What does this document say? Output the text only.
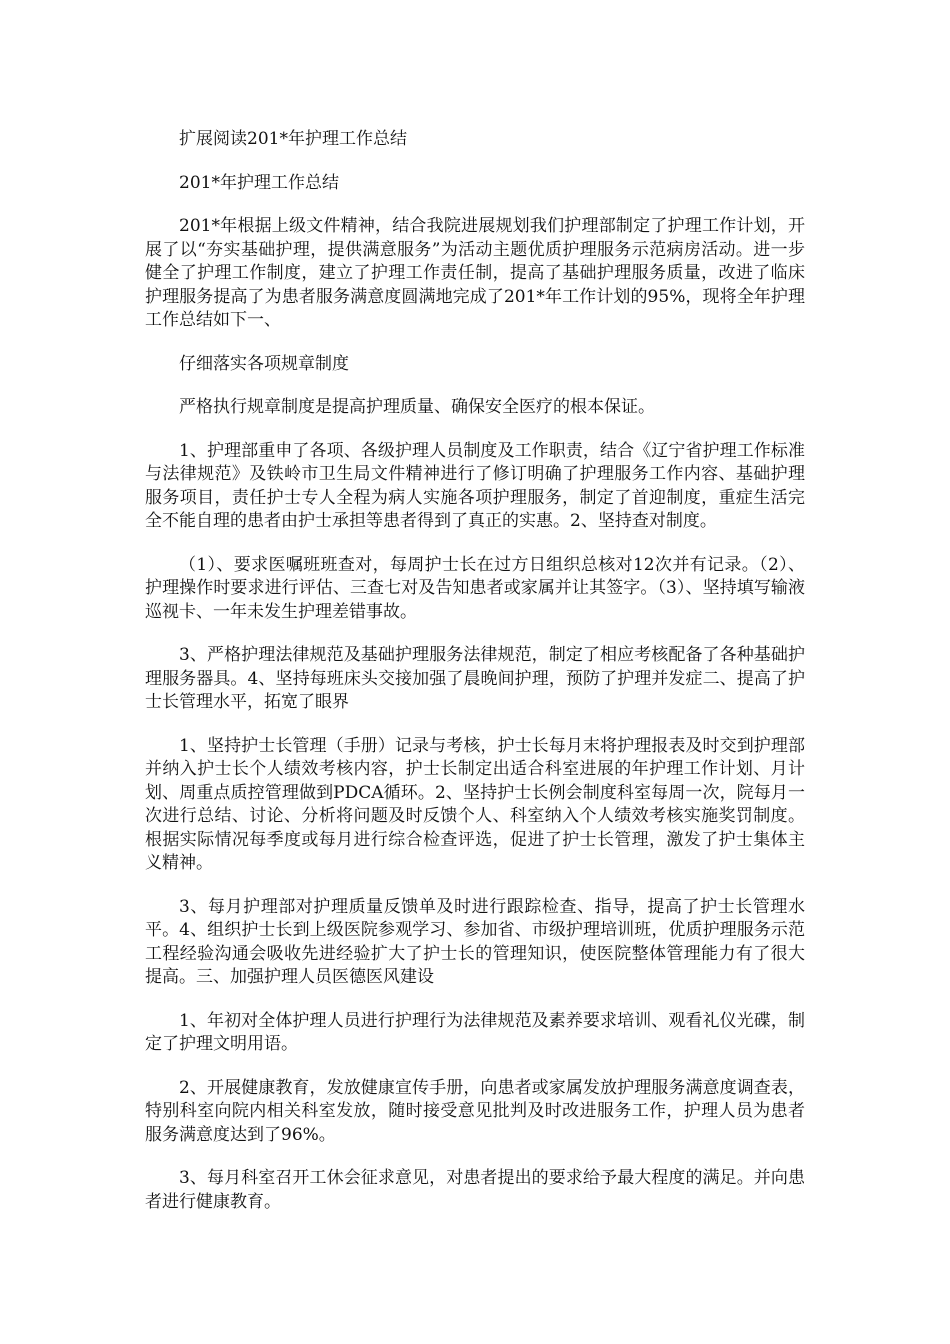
扩展阅读201*年护理工作总结

201*年护理工作总结

201*年根据上级文件精神，结合我院进展规划我们护理部制定了护理工作计划，开展了以“夯实基础护理，提供满意服务”为活动主题优质护理服务示范病房活动。进一步健全了护理工作制度，建立了护理工作责任制，提高了基础护理服务质量，改进了临床护理服务提高了为患者服务满意度圆满地完成了201*年工作计划的95%，现将全年护理工作总结如下一、

仔细落实各项规章制度

严格执行规章制度是提高护理质量、确保安全医疗的根本保证。

1、护理部重申了各项、各级护理人员制度及工作职责，结合《辽宁省护理工作标准与法律规范》及铁岭市卫生局文件精神进行了修订明确了护理服务工作内容、基础护理服务项目，责任护士专人全程为病人实施各项护理服务，制定了首迎制度，重症生活完全不能自理的患者由护士承担等患者得到了真正的实惠。2、坚持查对制度。

（1）、要求医嘱班班查对，每周护士长在过方日组织总核对12次并有记录。（2）、护理操作时要求进行评估、三查七对及告知患者或家属并让其签字。（3）、坚持填写输液巡视卡、一年未发生护理差错事故。

3、严格护理法律规范及基础护理服务法律规范，制定了相应考核配备了各种基础护理服务器具。4、坚持每班床头交接加强了晨晚间护理，预防了护理并发症二、提高了护士长管理水平，拓宽了眼界

1、坚持护士长管理（手册）记录与考核，护士长每月末将护理报表及时交到护理部并纳入护士长个人绩效考核内容，护士长制定出适合科室进展的年护理工作计划、月计划、周重点质控管理做到PDCA循环。2、坚持护士长例会制度科室每周一次，院每月一次进行总结、讨论、分析将问题及时反馈个人、科室纳入个人绩效考核实施奖罚制度。根据实际情况每季度或每月进行综合检查评选，促进了护士长管理，激发了护士集体主义精神。

3、每月护理部对护理质量反馈单及时进行跟踪检查、指导，提高了护士长管理水平。4、组织护士长到上级医院参观学习、参加省、市级护理培训班，优质护理服务示范工程经验沟通会吸收先进经验扩大了护士长的管理知识，使医院整体管理能力有了很大提高。三、加强护理人员医德医风建设

1、年初对全体护理人员进行护理行为法律规范及素养要求培训、观看礼仪光碟，制定了护理文明用语。

2、开展健康教育，发放健康宣传手册，向患者或家属发放护理服务满意度调查表，特别科室向院内相关科室发放，随时接受意见批判及时改进服务工作，护理人员为患者服务满意度达到了96%。

3、每月科室召开工休会征求意见，对患者提出的要求给予最大程度的满足。并向患者进行健康教育。
